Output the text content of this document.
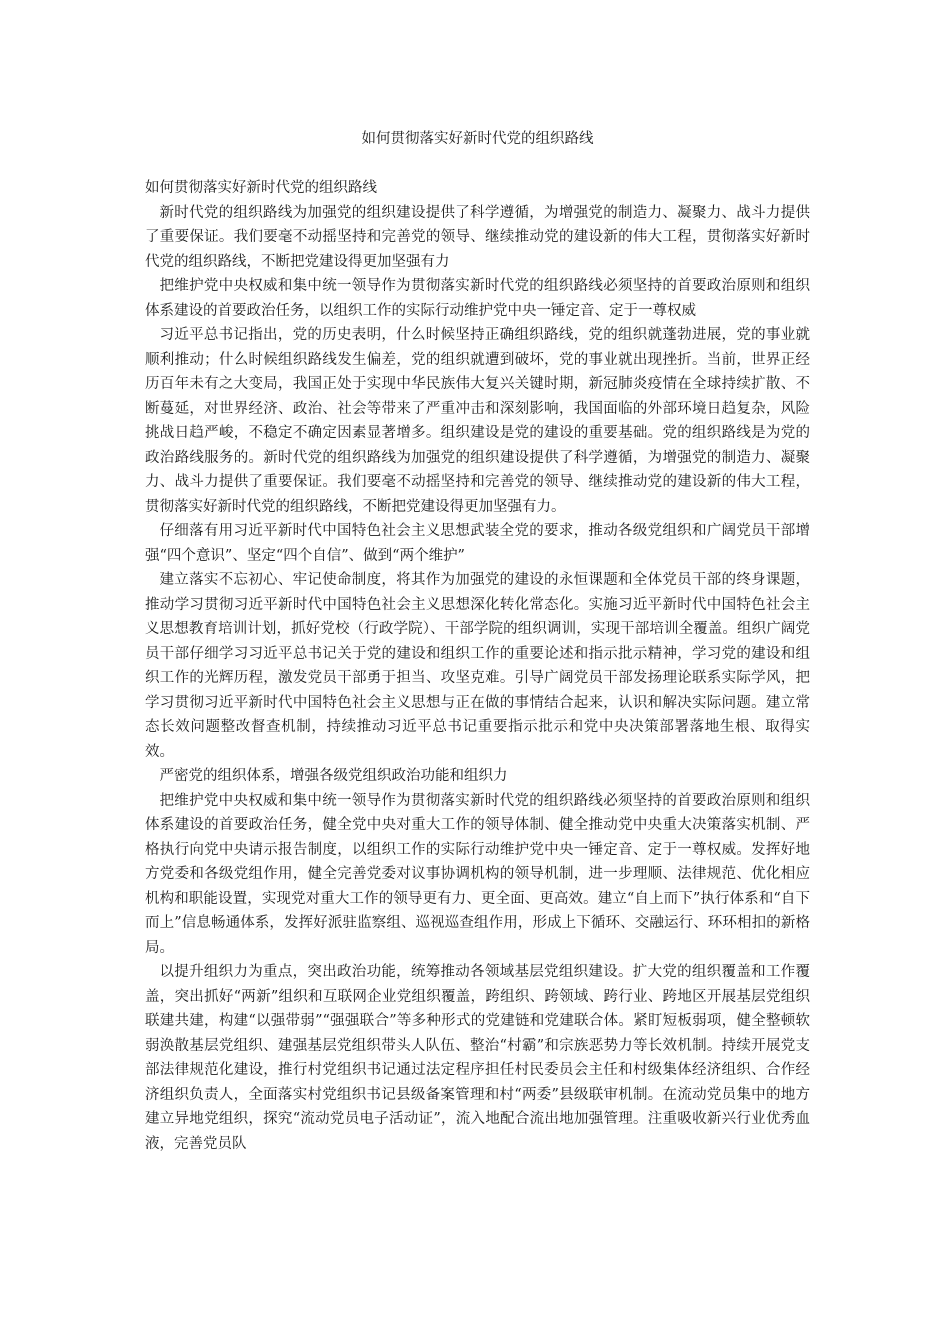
如何贯彻落实好新时代党的组织路线

如何贯彻落实好新时代党的组织路线

新时代党的组织路线为加强党的组织建设提供了科学遵循，为增强党的制造力、凝聚力、战斗力提供了重要保证。我们要毫不动摇坚持和完善党的领导、继续推动党的建设新的伟大工程，贯彻落实好新时代党的组织路线，不断把党建设得更加坚强有力

把维护党中央权威和集中统一领导作为贯彻落实新时代党的组织路线必须坚持的首要政治原则和组织体系建设的首要政治任务，以组织工作的实际行动维护党中央一锤定音、定于一尊权威

习近平总书记指出，党的历史表明，什么时候坚持正确组织路线，党的组织就蓬勃进展，党的事业就顺利推动；什么时候组织路线发生偏差，党的组织就遭到破坏，党的事业就出现挫折。当前，世界正经历百年未有之大变局，我国正处于实现中华民族伟大复兴关键时期，新冠肺炎疫情在全球持续扩散、不断蔓延，对世界经济、政治、社会等带来了严重冲击和深刻影响，我国面临的外部环境日趋复杂，风险挑战日趋严峻，不稳定不确定因素显著增多。组织建设是党的建设的重要基础。党的组织路线是为党的政治路线服务的。新时代党的组织路线为加强党的组织建设提供了科学遵循，为增强党的制造力、凝聚力、战斗力提供了重要保证。我们要毫不动摇坚持和完善党的领导、继续推动党的建设新的伟大工程，贯彻落实好新时代党的组织路线，不断把党建设得更加坚强有力。

仔细落有用习近平新时代中国特色社会主义思想武装全党的要求，推动各级党组织和广阔党员干部增强“四个意识”、坚定“四个自信”、做到“两个维护”

建立落实不忘初心、牢记使命制度，将其作为加强党的建设的永恒课题和全体党员干部的终身课题，推动学习贯彻习近平新时代中国特色社会主义思想深化转化常态化。实施习近平新时代中国特色社会主义思想教育培训计划，抓好党校（行政学院）、干部学院的组织调训，实现干部培训全覆盖。组织广阔党员干部仔细学习习近平总书记关于党的建设和组织工作的重要论述和指示批示精神，学习党的建设和组织工作的光辉历程，激发党员干部勇于担当、攻坚克难。引导广阔党员干部发扬理论联系实际学风，把学习贯彻习近平新时代中国特色社会主义思想与正在做的事情结合起来，认识和解决实际问题。建立常态长效问题整改督查机制，持续推动习近平总书记重要指示批示和党中央决策部署落地生根、取得实效。

严密党的组织体系，增强各级党组织政治功能和组织力

把维护党中央权威和集中统一领导作为贯彻落实新时代党的组织路线必须坚持的首要政治原则和组织体系建设的首要政治任务，健全党中央对重大工作的领导体制、健全推动党中央重大决策落实机制、严格执行向党中央请示报告制度，以组织工作的实际行动维护党中央一锤定音、定于一尊权威。发挥好地方党委和各级党组作用，健全完善党委对议事协调机构的领导机制，进一步理顺、法律规范、优化相应机构和职能设置，实现党对重大工作的领导更有力、更全面、更高效。建立“自上而下”执行体系和“自下而上”信息畅通体系，发挥好派驻监察组、巡视巡查组作用，形成上下循环、交融运行、环环相扣的新格局。

以提升组织力为重点，突出政治功能，统筹推动各领域基层党组织建设。扩大党的组织覆盖和工作覆盖，突出抓好“两新”组织和互联网企业党组织覆盖，跨组织、跨领域、跨行业、跨地区开展基层党组织联建共建，构建“以强带弱”“强强联合”等多种形式的党建链和党建联合体。紧盯短板弱项，健全整顿软弱涣散基层党组织、建强基层党组织带头人队伍、整治“村霸”和宗族恶势力等长效机制。持续开展党支部法律规范化建设，推行村党组织书记通过法定程序担任村民委员会主任和村级集体经济组织、合作经济组织负责人，全面落实村党组织书记县级备案管理和村“两委”县级联审机制。在流动党员集中的地方建立异地党组织，探究“流动党员电子活动证”，流入地配合流出地加强管理。注重吸收新兴行业优秀血液，完善党员队
